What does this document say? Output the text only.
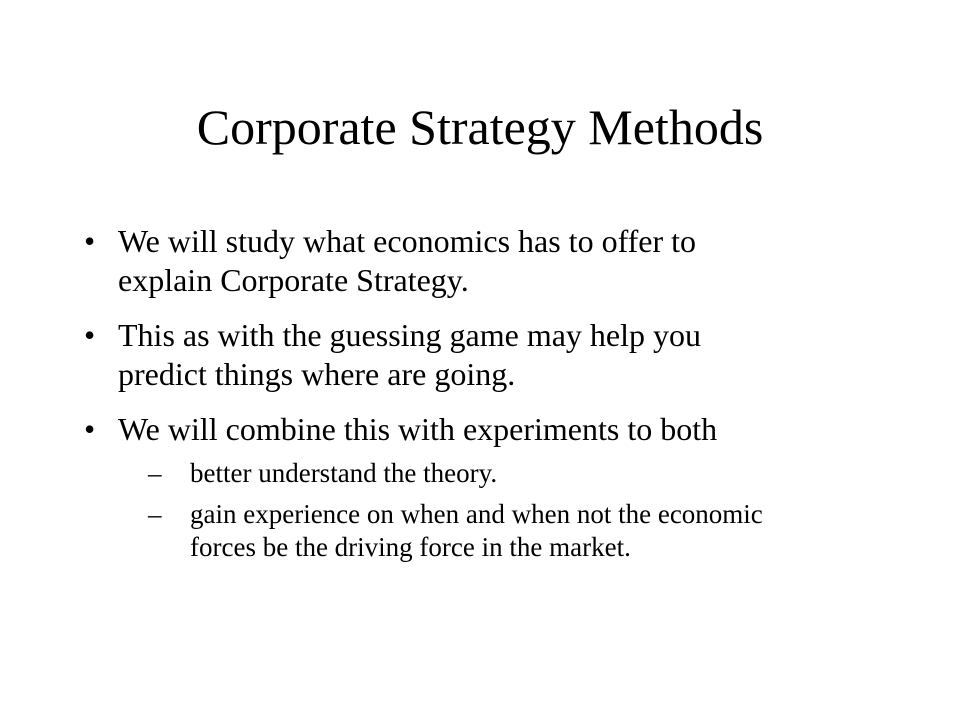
Corporate Strategy Methods
• We will study what economics has to offer to
explain Corporate Strategy.
• This as with the guessing game may help you
predict things where are going.
• We will combine this with experiments to both
– better understand the theory.
– gain experience on when and when not the economic
forces be the driving force in the market.
